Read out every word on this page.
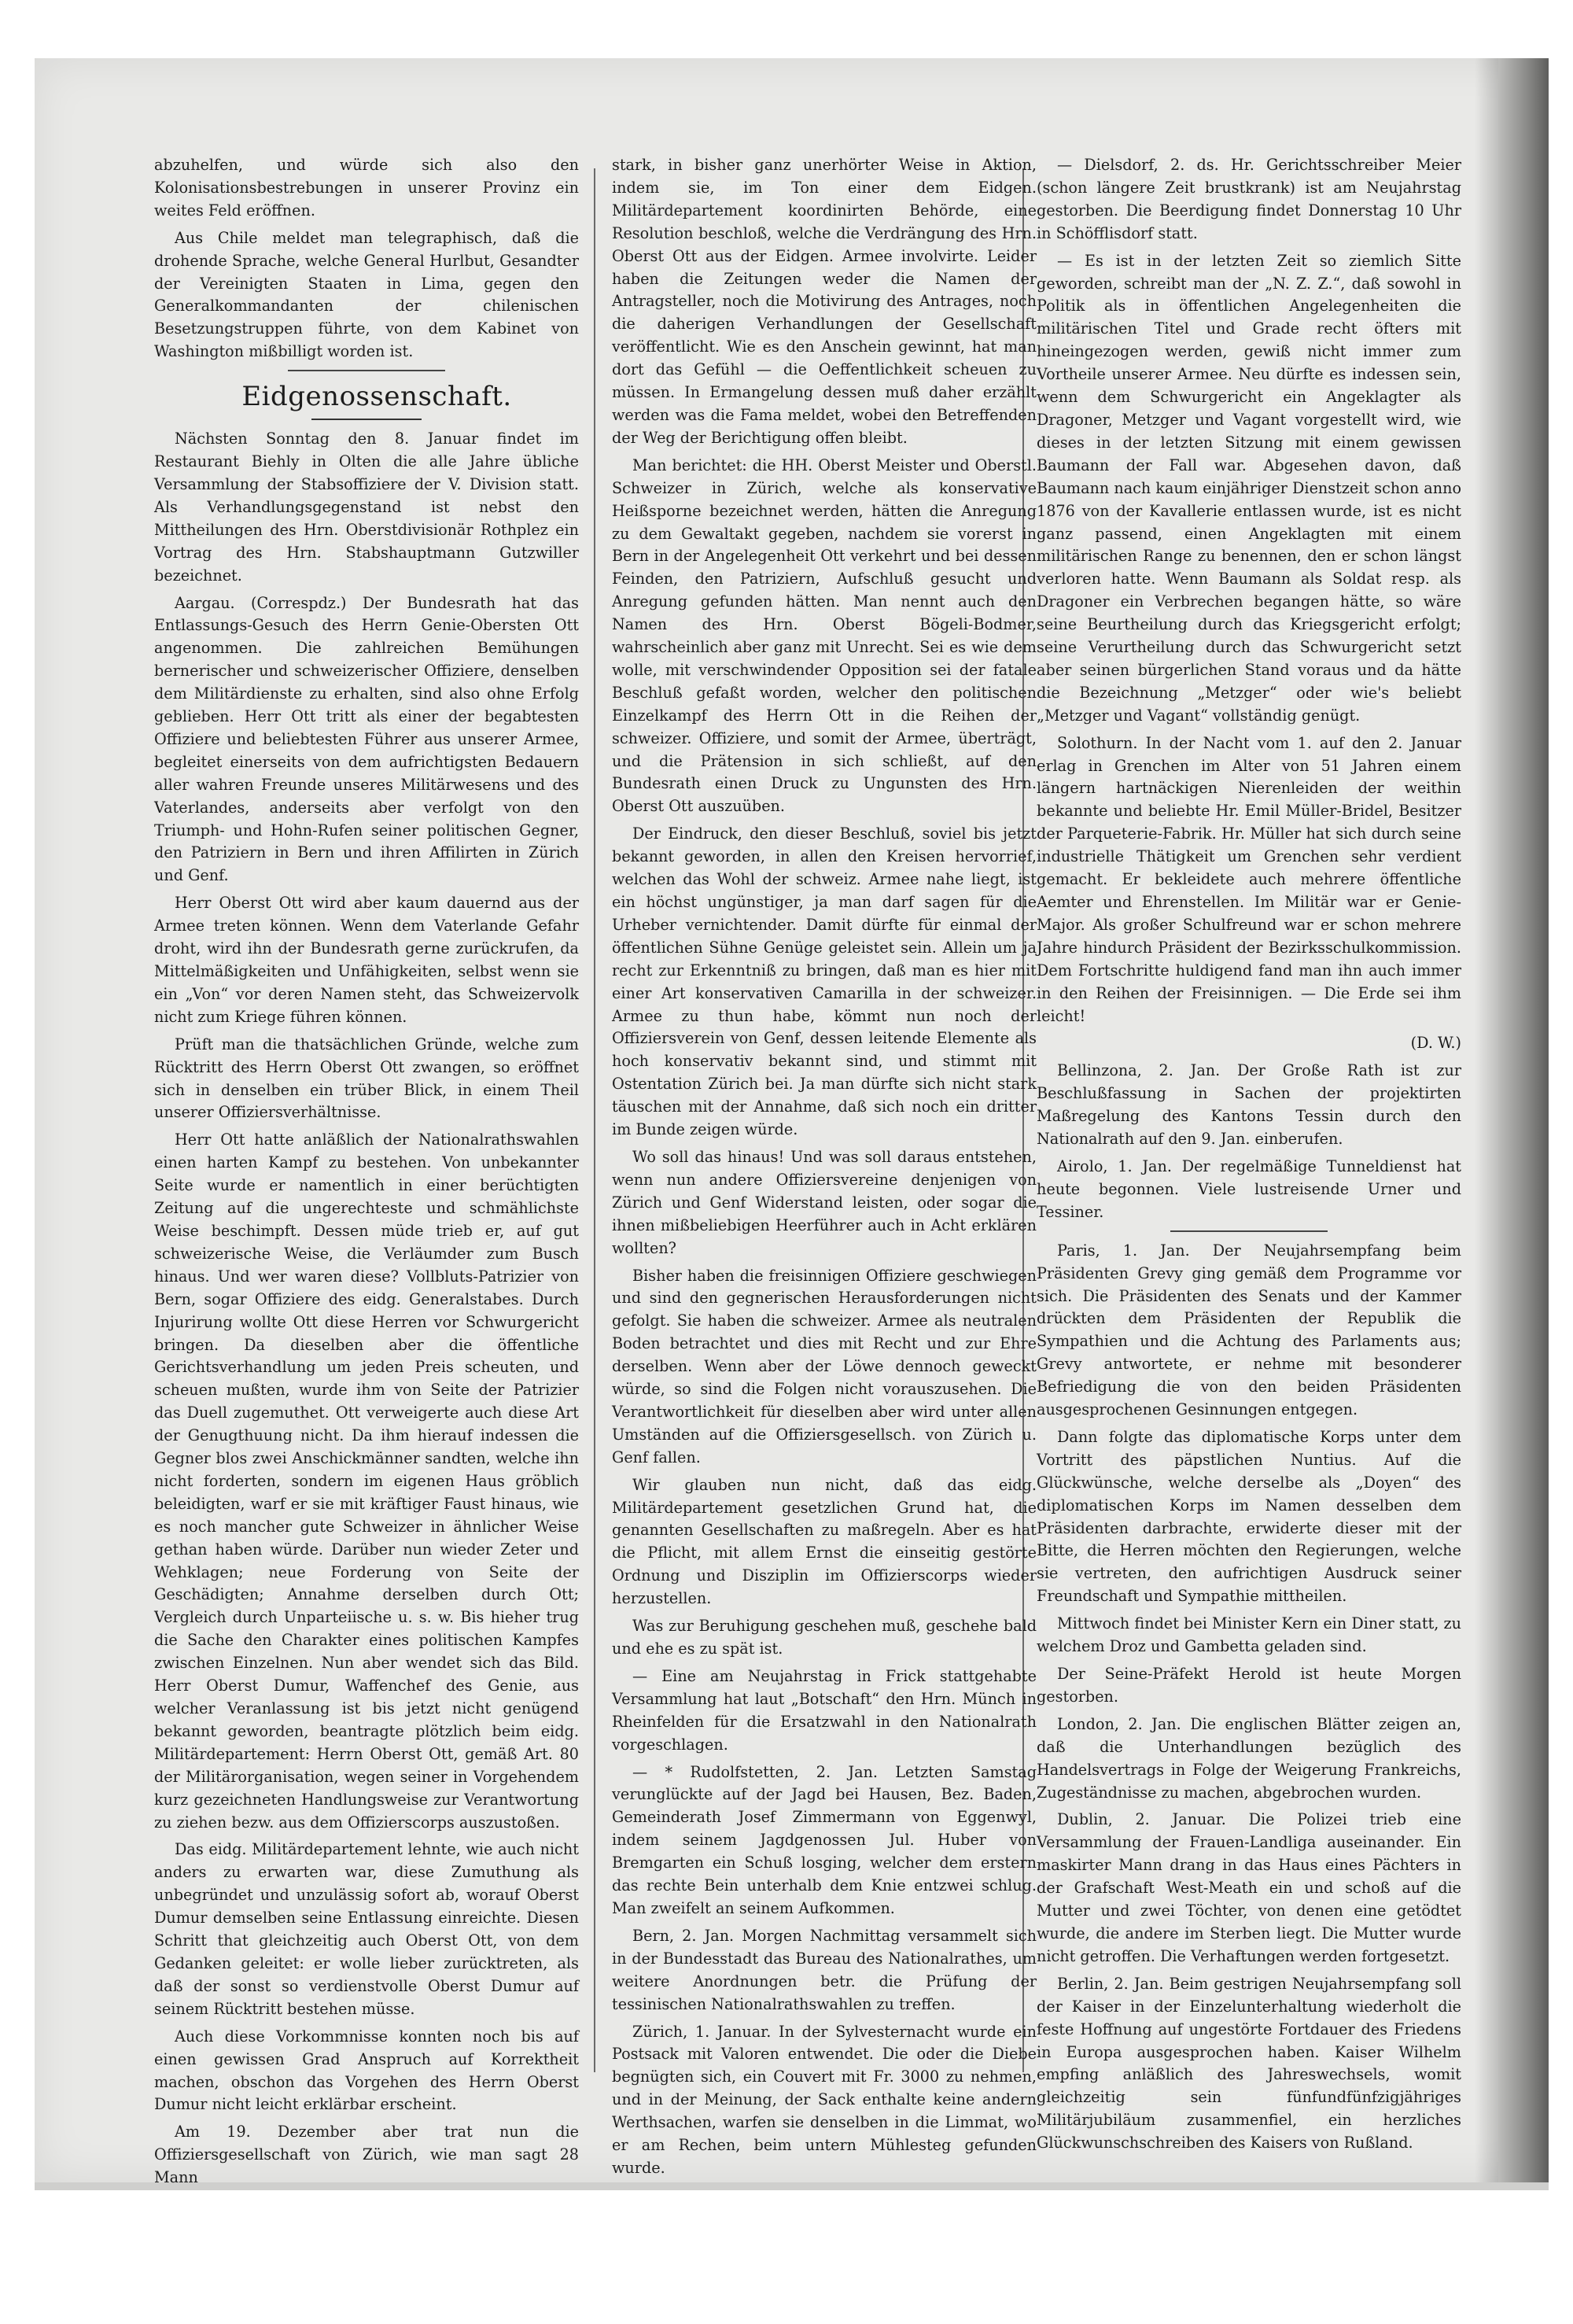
abzuhelfen, und würde sich also den Kolonisationsbestrebungen in unserer Provinz ein weites Feld eröffnen.

Aus Chile meldet man telegraphisch, daß die drohende Sprache, welche General Hurlbut, Gesandter der Vereinigten Staaten in Lima, gegen den Generalkommandanten der chilenischen Besetzungstruppen führte, von dem Kabinet von Washington mißbilligt worden ist.

Eidgenossenschaft.

Nächsten Sonntag den 8. Januar findet im Restaurant Biehly in Olten die alle Jahre übliche Versammlung der Stabsoffiziere der V. Division statt. Als Verhandlungsgegenstand ist nebst den Mittheilungen des Hrn. Oberstdivisionär Rothplez ein Vortrag des Hrn. Stabshauptmann Gutzwiller bezeichnet.

Aargau. (Correspdz.) Der Bundesrath hat das Entlassungs-Gesuch des Herrn Genie-Obersten Ott angenommen. Die zahlreichen Bemühungen bernerischer und schweizerischer Offiziere, denselben dem Militärdienste zu erhalten, sind also ohne Erfolg geblieben. Herr Ott tritt als einer der begabtesten Offiziere und beliebtesten Führer aus unserer Armee, begleitet einerseits von dem aufrichtigsten Bedauern aller wahren Freunde unseres Militärwesens und des Vaterlandes, anderseits aber verfolgt von den Triumph- und Hohn-Rufen seiner politischen Gegner, den Patriziern in Bern und ihren Affilirten in Zürich und Genf.

Herr Oberst Ott wird aber kaum dauernd aus der Armee treten können. Wenn dem Vaterlande Gefahr droht, wird ihn der Bundesrath gerne zurückrufen, da Mittelmäßigkeiten und Unfähigkeiten, selbst wenn sie ein „Von“ vor deren Namen steht, das Schweizervolk nicht zum Kriege führen können.

Prüft man die thatsächlichen Gründe, welche zum Rücktritt des Herrn Oberst Ott zwangen, so eröffnet sich in denselben ein trüber Blick, in einem Theil unserer Offiziersverhältnisse.

Herr Ott hatte anläßlich der Nationalrathswahlen einen harten Kampf zu bestehen. Von unbekannter Seite wurde er namentlich in einer berüchtigten Zeitung auf die ungerechteste und schmählichste Weise beschimpft. Dessen müde trieb er, auf gut schweizerische Weise, die Verläumder zum Busch hinaus. Und wer waren diese? Vollbluts-Patrizier von Bern, sogar Offiziere des eidg. Generalstabes. Durch Injurirung wollte Ott diese Herren vor Schwurgericht bringen. Da dieselben aber die öffentliche Gerichtsverhandlung um jeden Preis scheuten, und scheuen mußten, wurde ihm von Seite der Patrizier das Duell zugemuthet. Ott verweigerte auch diese Art der Genugthuung nicht. Da ihm hierauf indessen die Gegner blos zwei Anschickmänner sandten, welche ihn nicht forderten, sondern im eigenen Haus gröblich beleidigten, warf er sie mit kräftiger Faust hinaus, wie es noch mancher gute Schweizer in ähnlicher Weise gethan haben würde. Darüber nun wieder Zeter und Wehklagen; neue Forderung von Seite der Geschädigten; Annahme derselben durch Ott; Vergleich durch Unparteiische u. s. w. Bis hieher trug die Sache den Charakter eines politischen Kampfes zwischen Einzelnen. Nun aber wendet sich das Bild. Herr Oberst Dumur, Waffenchef des Genie, aus welcher Veranlassung ist bis jetzt nicht genügend bekannt geworden, beantragte plötzlich beim eidg. Militärdepartement: Herrn Oberst Ott, gemäß Art. 80 der Militärorganisation, wegen seiner in Vorgehendem kurz gezeichneten Handlungsweise zur Verantwortung zu ziehen bezw. aus dem Offizierscorps auszustoßen.

Das eidg. Militärdepartement lehnte, wie auch nicht anders zu erwarten war, diese Zumuthung als unbegründet und unzulässig sofort ab, worauf Oberst Dumur demselben seine Entlassung einreichte. Diesen Schritt that gleichzeitig auch Oberst Ott, von dem Gedanken geleitet: er wolle lieber zurücktreten, als daß der sonst so verdienstvolle Oberst Dumur auf seinem Rücktritt bestehen müsse.

Auch diese Vorkommnisse konnten noch bis auf einen gewissen Grad Anspruch auf Korrektheit machen, obschon das Vorgehen des Herrn Oberst Dumur nicht leicht erklärbar erscheint.

Am 19. Dezember aber trat nun die Offiziersgesellschaft von Zürich, wie man sagt 28 Mann

stark, in bisher ganz unerhörter Weise in Aktion, indem sie, im Ton einer dem Eidgen. Militärdepartement koordinirten Behörde, eine Resolution beschloß, welche die Verdrängung des Hrn. Oberst Ott aus der Eidgen. Armee involvirte. Leider haben die Zeitungen weder die Namen der Antragsteller, noch die Motivirung des Antrages, noch die daherigen Verhandlungen der Gesellschaft veröffentlicht. Wie es den Anschein gewinnt, hat man dort das Gefühl — die Oeffentlichkeit scheuen zu müssen. In Ermangelung dessen muß daher erzählt werden was die Fama meldet, wobei den Betreffenden der Weg der Berichtigung offen bleibt.

Man berichtet: die HH. Oberst Meister und Oberstl. Schweizer in Zürich, welche als konservative Heißsporne bezeichnet werden, hätten die Anregung zu dem Gewaltakt gegeben, nachdem sie vorerst in Bern in der Angelegenheit Ott verkehrt und bei dessen Feinden, den Patriziern, Aufschluß gesucht und Anregung gefunden hätten. Man nennt auch den Namen des Hrn. Oberst Bögeli-Bodmer, wahrscheinlich aber ganz mit Unrecht. Sei es wie dem wolle, mit verschwindender Opposition sei der fatale Beschluß gefaßt worden, welcher den politischen Einzelkampf des Herrn Ott in die Reihen der schweizer. Offiziere, und somit der Armee, überträgt, und die Prätension in sich schließt, auf den Bundesrath einen Druck zu Ungunsten des Hrn. Oberst Ott auszuüben.

Der Eindruck, den dieser Beschluß, soviel bis jetzt bekannt geworden, in allen den Kreisen hervorrief, welchen das Wohl der schweiz. Armee nahe liegt, ist ein höchst ungünstiger, ja man darf sagen für die Urheber vernichtender. Damit dürfte für einmal der öffentlichen Sühne Genüge geleistet sein. Allein um ja recht zur Erkenntniß zu bringen, daß man es hier mit einer Art konservativen Camarilla in der schweizer. Armee zu thun habe, kömmt nun noch der Offiziersverein von Genf, dessen leitende Elemente als hoch konservativ bekannt sind, und stimmt mit Ostentation Zürich bei. Ja man dürfte sich nicht stark täuschen mit der Annahme, daß sich noch ein dritter im Bunde zeigen würde.

Wo soll das hinaus! Und was soll daraus entstehen, wenn nun andere Offiziersvereine denjenigen von Zürich und Genf Widerstand leisten, oder sogar die ihnen mißbeliebigen Heerführer auch in Acht erklären wollten?

Bisher haben die freisinnigen Offiziere geschwiegen und sind den gegnerischen Herausforderungen nicht gefolgt. Sie haben die schweizer. Armee als neutralen Boden betrachtet und dies mit Recht und zur Ehre derselben. Wenn aber der Löwe dennoch geweckt würde, so sind die Folgen nicht vorauszusehen. Die Verantwortlichkeit für dieselben aber wird unter allen Umständen auf die Offiziersgesellsch. von Zürich u. Genf fallen.

Wir glauben nun nicht, daß das eidg. Militärdepartement gesetzlichen Grund hat, die genannten Gesellschaften zu maßregeln. Aber es hat die Pflicht, mit allem Ernst die einseitig gestörte Ordnung und Disziplin im Offizierscorps wieder herzustellen.

Was zur Beruhigung geschehen muß, geschehe bald und ehe es zu spät ist.

— Eine am Neujahrstag in Frick stattgehabte Versammlung hat laut „Botschaft“ den Hrn. Münch in Rheinfelden für die Ersatzwahl in den Nationalrath vorgeschlagen.

— * Rudolfstetten, 2. Jan. Letzten Samstag verunglückte auf der Jagd bei Hausen, Bez. Baden, Gemeinderath Josef Zimmermann von Eggenwyl, indem seinem Jagdgenossen Jul. Huber von Bremgarten ein Schuß losging, welcher dem erstern das rechte Bein unterhalb dem Knie entzwei schlug. Man zweifelt an seinem Aufkommen.

Bern, 2. Jan. Morgen Nachmittag versammelt sich in der Bundesstadt das Bureau des Nationalrathes, um weitere Anordnungen betr. die Prüfung der tessinischen Nationalrathswahlen zu treffen.

Zürich, 1. Januar. In der Sylvesternacht wurde ein Postsack mit Valoren entwendet. Die oder die Diebe begnügten sich, ein Couvert mit Fr. 3000 zu nehmen, und in der Meinung, der Sack enthalte keine andern Werthsachen, warfen sie denselben in die Limmat, wo er am Rechen, beim untern Mühlesteg gefunden wurde.

— Dielsdorf, 2. ds. Hr. Gerichtsschreiber Meier (schon längere Zeit brustkrank) ist am Neujahrstag gestorben. Die Beerdigung findet Donnerstag 10 Uhr in Schöfflisdorf statt.

— Es ist in der letzten Zeit so ziemlich Sitte geworden, schreibt man der „N. Z. Z.“, daß sowohl in Politik als in öffentlichen Angelegenheiten die militärischen Titel und Grade recht öfters mit hineingezogen werden, gewiß nicht immer zum Vortheile unserer Armee. Neu dürfte es indessen sein, wenn dem Schwurgericht ein Angeklagter als Dragoner, Metzger und Vagant vorgestellt wird, wie dieses in der letzten Sitzung mit einem gewissen Baumann der Fall war. Abgesehen davon, daß Baumann nach kaum einjähriger Dienstzeit schon anno 1876 von der Kavallerie entlassen wurde, ist es nicht ganz passend, einen Angeklagten mit einem militärischen Range zu benennen, den er schon längst verloren hatte. Wenn Baumann als Soldat resp. als Dragoner ein Verbrechen begangen hätte, so wäre seine Beurtheilung durch das Kriegsgericht erfolgt; seine Verurtheilung durch das Schwurgericht setzt aber seinen bürgerlichen Stand voraus und da hätte die Bezeichnung „Metzger“ oder wie's beliebt „Metzger und Vagant“ vollständig genügt.

Solothurn. In der Nacht vom 1. auf den 2. Januar erlag in Grenchen im Alter von 51 Jahren einem längern hartnäckigen Nierenleiden der weithin bekannte und beliebte Hr. Emil Müller-Bridel, Besitzer der Parqueterie-Fabrik. Hr. Müller hat sich durch seine industrielle Thätigkeit um Grenchen sehr verdient gemacht. Er bekleidete auch mehrere öffentliche Aemter und Ehrenstellen. Im Militär war er Genie-Major. Als großer Schulfreund war er schon mehrere Jahre hindurch Präsident der Bezirksschulkommission. Dem Fortschritte huldigend fand man ihn auch immer in den Reihen der Freisinnigen. — Die Erde sei ihm leicht!

(D. W.)

Bellinzona, 2. Jan. Der Große Rath ist zur Beschlußfassung in Sachen der projektirten Maßregelung des Kantons Tessin durch den Nationalrath auf den 9. Jan. einberufen.

Airolo, 1. Jan. Der regelmäßige Tunneldienst hat heute begonnen. Viele lustreisende Urner und Tessiner.

Paris, 1. Jan. Der Neujahrsempfang beim Präsidenten Grevy ging gemäß dem Programme vor sich. Die Präsidenten des Senats und der Kammer drückten dem Präsidenten der Republik die Sympathien und die Achtung des Parlaments aus; Grevy antwortete, er nehme mit besonderer Befriedigung die von den beiden Präsidenten ausgesprochenen Gesinnungen entgegen.

Dann folgte das diplomatische Korps unter dem Vortritt des päpstlichen Nuntius. Auf die Glückwünsche, welche derselbe als „Doyen“ des diplomatischen Korps im Namen desselben dem Präsidenten darbrachte, erwiderte dieser mit der Bitte, die Herren möchten den Regierungen, welche sie vertreten, den aufrichtigen Ausdruck seiner Freundschaft und Sympathie mittheilen.

Mittwoch findet bei Minister Kern ein Diner statt, zu welchem Droz und Gambetta geladen sind.

Der Seine-Präfekt Herold ist heute Morgen gestorben.

London, 2. Jan. Die englischen Blätter zeigen an, daß die Unterhandlungen bezüglich des Handelsvertrags in Folge der Weigerung Frankreichs, Zugeständnisse zu machen, abgebrochen wurden.

Dublin, 2. Januar. Die Polizei trieb eine Versammlung der Frauen-Landliga auseinander. Ein maskirter Mann drang in das Haus eines Pächters in der Grafschaft West-Meath ein und schoß auf die Mutter und zwei Töchter, von denen eine getödtet wurde, die andere im Sterben liegt. Die Mutter wurde nicht getroffen. Die Verhaftungen werden fortgesetzt.

Berlin, 2. Jan. Beim gestrigen Neujahrsempfang soll der Kaiser in der Einzelunterhaltung wiederholt die feste Hoffnung auf ungestörte Fortdauer des Friedens in Europa ausgesprochen haben. Kaiser Wilhelm empfing anläßlich des Jahreswechsels, womit gleichzeitig sein fünfundfünfzigjähriges Militärjubiläum zusammenfiel, ein herzliches Glückwunschschreiben des Kaisers von Rußland.
